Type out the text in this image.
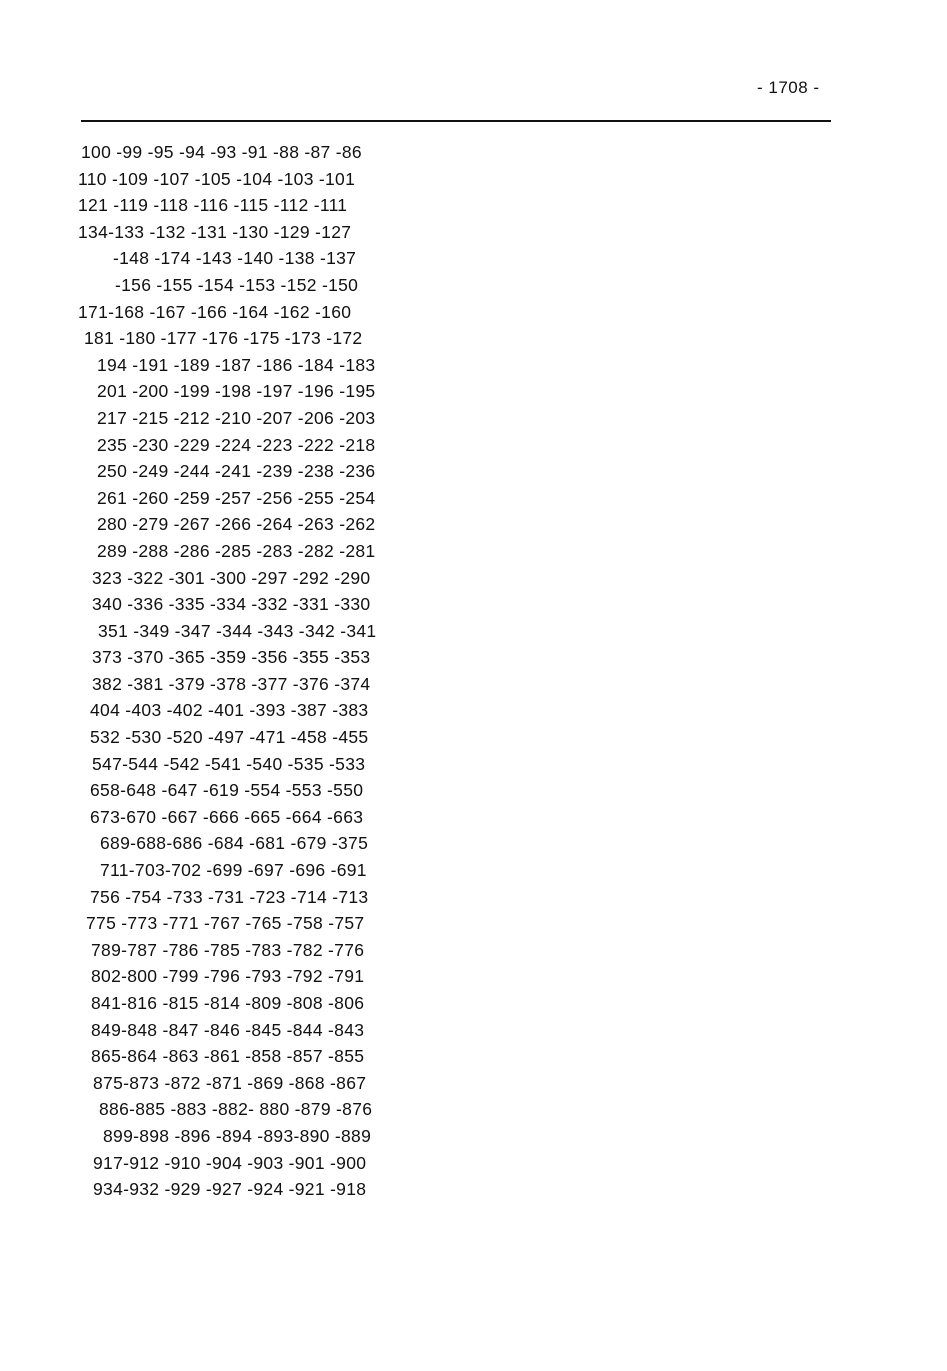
- 1708 -
100 -99 -95 -94 -93 -91 -88 -87 -86
110 -109 -107 -105 -104 -103 -101
121 -119 -118 -116 -115 -112 -111
134-133 -132 -131 -130 -129 -127
-148 -174 -143 -140 -138 -137
-156 -155 -154 -153 -152 -150
171-168 -167 -166 -164 -162 -160
181 -180 -177 -176 -175 -173 -172
194 -191 -189 -187 -186 -184 -183
201 -200 -199 -198 -197 -196 -195
217 -215 -212 -210 -207 -206 -203
235 -230 -229 -224 -223 -222 -218
250 -249 -244 -241 -239 -238 -236
261 -260 -259 -257 -256 -255 -254
280 -279 -267 -266 -264 -263 -262
289 -288 -286 -285 -283 -282 -281
323 -322 -301 -300 -297 -292 -290
340 -336 -335 -334 -332 -331 -330
351 -349 -347 -344 -343 -342 -341
373 -370 -365 -359 -356 -355 -353
382 -381 -379 -378 -377 -376 -374
404 -403 -402 -401 -393 -387 -383
532 -530 -520 -497 -471 -458 -455
547-544 -542 -541 -540 -535 -533
658-648 -647 -619 -554 -553 -550
673-670 -667 -666 -665 -664 -663
689-688-686 -684 -681 -679 -375
711-703-702 -699 -697 -696 -691
756 -754 -733 -731 -723 -714 -713
775 -773 -771 -767 -765 -758 -757
789-787 -786 -785 -783 -782 -776
802-800 -799 -796 -793 -792 -791
841-816 -815 -814 -809 -808 -806
849-848 -847 -846 -845 -844 -843
865-864 -863 -861 -858 -857 -855
875-873 -872 -871 -869 -868 -867
886-885 -883 -882- 880 -879 -876
899-898 -896 -894 -893-890 -889
917-912 -910 -904 -903 -901 -900
934-932 -929 -927 -924 -921 -918
